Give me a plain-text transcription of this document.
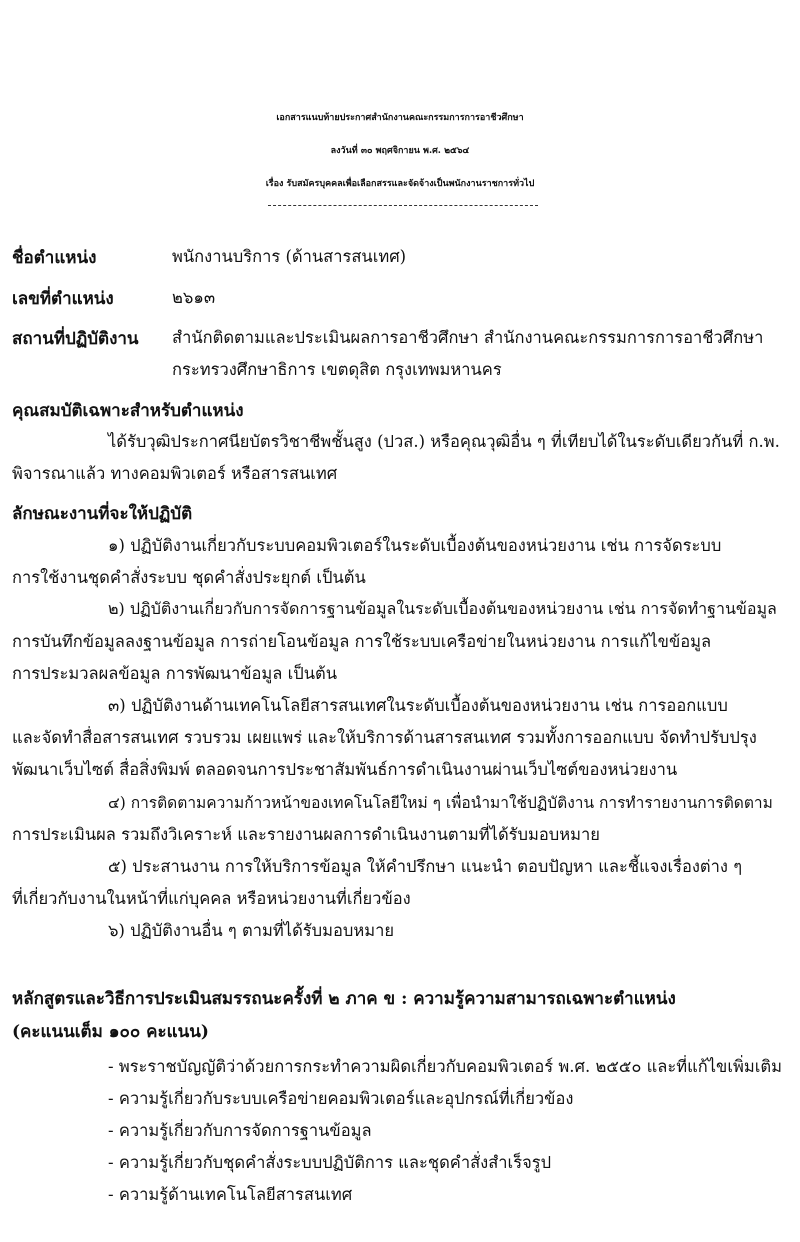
เอกสารแนบท้ายประกาศสำนักงานคณะกรรมการการอาชีวศึกษา
ลงวันที่ ๓๐ พฤศจิกายน พ.ศ. ๒๕๖๔
เรื่อง รับสมัครบุคคลเพื่อเลือกสรรและจัดจ้างเป็นพนักงานราชการทั่วไป
ชื่อตำแหน่ง	พนักงานบริการ (ด้านสารสนเทศ)
เลขที่ตำแหน่ง	๒๖๑๓
สถานที่ปฏิบัติงาน สำนักติดตามและประเมินผลการอาชีวศึกษา สำนักงานคณะกรรมการการอาชีวศึกษา
กระทรวงศึกษาธิการ เขตดุสิต กรุงเทพมหานคร
คุณสมบัติเฉพาะสำหรับตำแหน่ง
ได้รับวุฒิประกาศนียบัตรวิชาชีพชั้นสูง (ปวส.) หรือคุณวุฒิอื่น ๆ ที่เทียบได้ในระดับเดียวกันที่ ก.พ.
พิจารณาแล้ว ทางคอมพิวเตอร์ หรือสารสนเทศ
ลักษณะงานที่จะให้ปฏิบัติ
๑) ปฏิบัติงานเกี่ยวกับระบบคอมพิวเตอร์ในระดับเบื้องต้นของหน่วยงาน เช่น การจัดระบบ
การใช้งานชุดคำสั่งระบบ ชุดคำสั่งประยุกต์ เป็นต้น
๒) ปฏิบัติงานเกี่ยวกับการจัดการฐานข้อมูลในระดับเบื้องต้นของหน่วยงาน เช่น การจัดทำฐานข้อมูล
การบันทึกข้อมูลลงฐานข้อมูล การถ่ายโอนข้อมูล การใช้ระบบเครือข่ายในหน่วยงาน การแก้ไขข้อมูล
การประมวลผลข้อมูล การพัฒนาข้อมูล เป็นต้น
๓) ปฏิบัติงานด้านเทคโนโลยีสารสนเทศในระดับเบื้องต้นของหน่วยงาน เช่น การออกแบบ
และจัดทำสื่อสารสนเทศ รวบรวม เผยแพร่ และให้บริการด้านสารสนเทศ รวมทั้งการออกแบบ จัดทำปรับปรุง
พัฒนาเว็บไซต์ สื่อสิ่งพิมพ์ ตลอดจนการประชาสัมพันธ์การดำเนินงานผ่านเว็บไซต์ของหน่วยงาน
๔) การติดตามความก้าวหน้าของเทคโนโลยีใหม่ ๆ เพื่อนำมาใช้ปฏิบัติงาน การทำรายงานการติดตาม
การประเมินผล รวมถึงวิเคราะห์ และรายงานผลการดำเนินงานตามที่ได้รับมอบหมาย
๕) ประสานงาน การให้บริการข้อมูล ให้คำปรึกษา แนะนำ ตอบปัญหา และชี้แจงเรื่องต่าง ๆ
ที่เกี่ยวกับงานในหน้าที่แก่บุคคล หรือหน่วยงานที่เกี่ยวข้อง
๖) ปฏิบัติงานอื่น ๆ ตามที่ได้รับมอบหมาย
หลักสูตรและวิธีการประเมินสมรรถนะครั้งที่ ๒ ภาค ข : ความรู้ความสามารถเฉพาะตำแหน่ง
(คะแนนเต็ม ๑๐๐ คะแนน)
- พระราชบัญญัติว่าด้วยการกระทำความผิดเกี่ยวกับคอมพิวเตอร์ พ.ศ. ๒๕๕๐ และที่แก้ไขเพิ่มเติม
- ความรู้เกี่ยวกับระบบเครือข่ายคอมพิวเตอร์และอุปกรณ์ที่เกี่ยวข้อง
- ความรู้เกี่ยวกับการจัดการฐานข้อมูล
- ความรู้เกี่ยวกับชุดคำสั่งระบบปฏิบัติการ และชุดคำสั่งสำเร็จรูป
- ความรู้ด้านเทคโนโลยีสารสนเทศ
